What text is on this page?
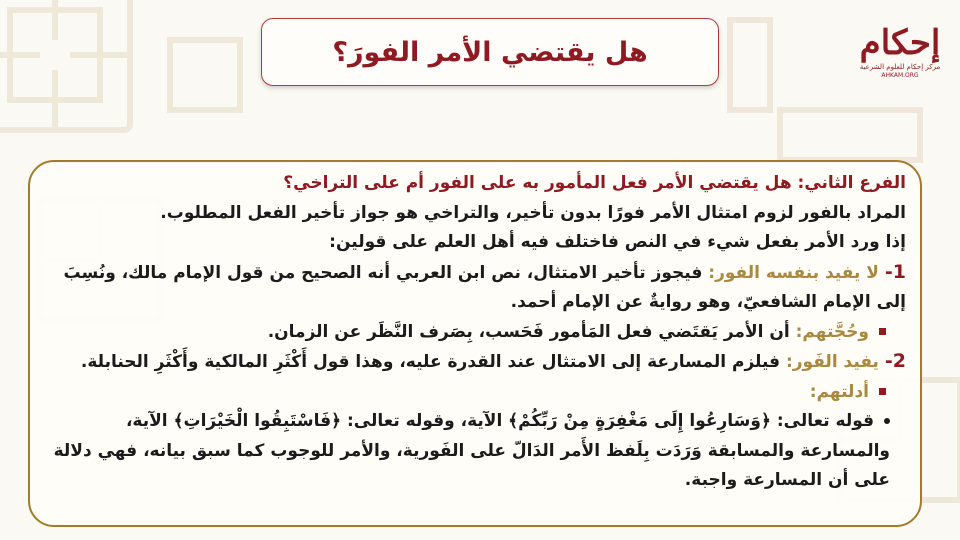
إحكام
مركز إحكام للعلوم الشرعية
AHKAM.ORG
هل يقتضي الأمر الفورَ؟

الفرع الثاني: هل يقتضي الأمر فعل المأمور به على الفور أم على التراخي؟

المراد بالفور لزوم امتثال الأمر فورًا بدون تأخير، والتراخي هو جواز تأخير الفعل المطلوب.

إذا ورد الأمر بفعل شيء في النص فاختلف فيه أهل العلم على قولين:

1- لا يفيد بنفسه الفور: فيجوز تأخير الامتثال، نص ابن العربي أنه الصحيح من قول الإمام مالك، ونُسِبَ إلى الإمام الشافعيّ، وهو روايةٌ عن الإمام أحمد.

وحُجَّتهم: أن الأمر يَقتَضي فعل المَأمور فَحَسب، بِصَرف النَّظَر عن الزمان.

2- يفيد الفَور: فيلزم المسارعة إلى الامتثال عند القدرة عليه، وهذا قول أَكْثَرِ المالكية وأَكْثَرِ الحنابلة.

أدلتهم:

قوله تعالى: ﴿وَسَارِعُوا إِلَى مَغْفِرَةٍ مِنْ رَبِّكُمْ﴾ الآية، وقوله تعالى: ﴿فَاسْتَبِقُوا الْخَيْرَاتِ﴾ الآية، والمسارعة والمسابقة وَرَدَت بِلَفظ الأَمر الدَالّ على الفَورية، والأمر للوجوب كما سبق بيانه، فهي دلالة على أن المسارعة واجبة.
